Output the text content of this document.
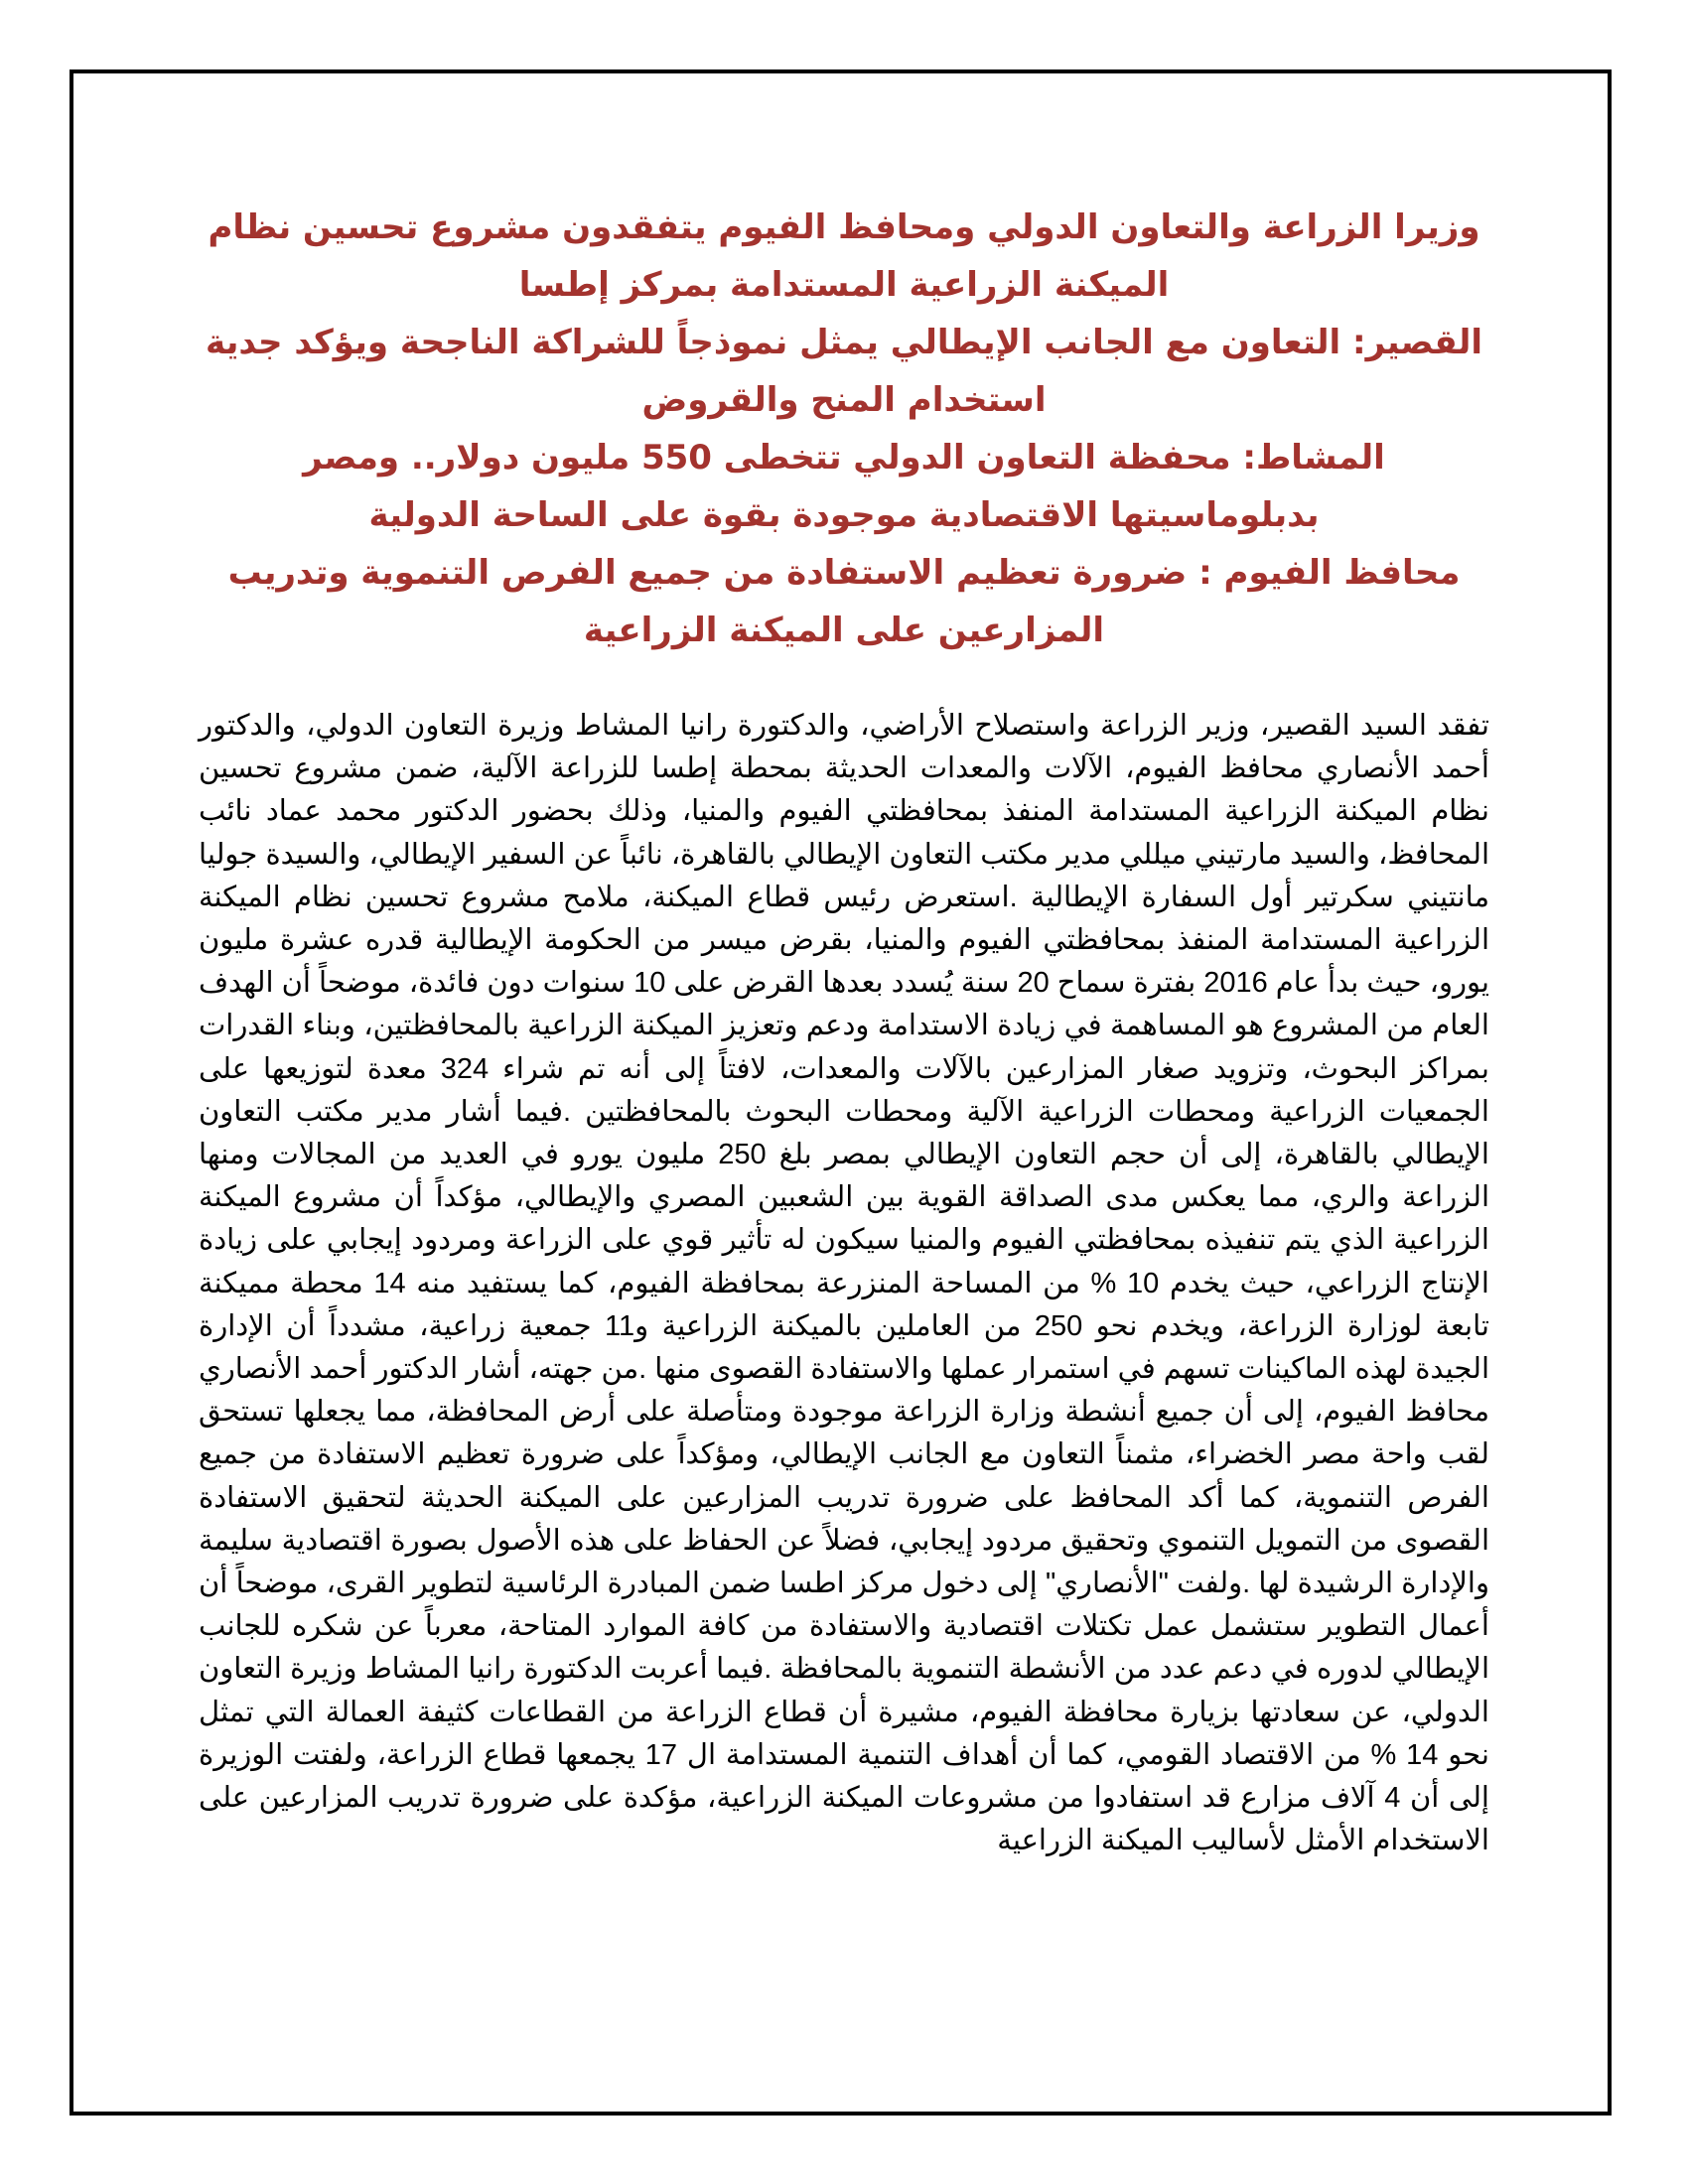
وزيرا الزراعة والتعاون الدولي ومحافظ الفيوم يتفقدون مشروع تحسين نظام الميكنة الزراعية المستدامة بمركز إطسا
القصير: التعاون مع الجانب الإيطالي يمثل نموذجاً للشراكة الناجحة ويؤكد جدية استخدام المنح والقروض
المشاط: محفظة التعاون الدولي تتخطى 550 مليون دولار.. ومصر بدبلوماسيتها الاقتصادية موجودة بقوة على الساحة الدولية
محافظ الفيوم : ضرورة تعظيم الاستفادة من جميع الفرص التنموية وتدريب المزارعين على الميكنة الزراعية

تفقد السيد القصير، وزير الزراعة واستصلاح الأراضي، والدكتورة رانيا المشاط وزيرة التعاون الدولي، والدكتور أحمد الأنصاري محافظ الفيوم، الآلات والمعدات الحديثة بمحطة إطسا للزراعة الآلية، ضمن مشروع تحسين نظام الميكنة الزراعية المستدامة المنفذ بمحافظتي الفيوم والمنيا، وذلك بحضور الدكتور محمد عماد نائب المحافظ، والسيد مارتيني ميللي مدير مكتب التعاون الإيطالي بالقاهرة، نائباً عن السفير الإيطالي، والسيدة جوليا مانتيني سكرتير أول السفارة الإيطالية .استعرض رئيس قطاع الميكنة، ملامح مشروع تحسين نظام الميكنة الزراعية المستدامة المنفذ بمحافظتي الفيوم والمنيا، بقرض ميسر من الحكومة الإيطالية قدره عشرة مليون يورو، حيث بدأ عام 2016 بفترة سماح 20 سنة يُسدد بعدها القرض على 10 سنوات دون فائدة، موضحاً أن الهدف العام من المشروع هو المساهمة في زيادة الاستدامة ودعم وتعزيز الميكنة الزراعية بالمحافظتين، وبناء القدرات بمراكز البحوث، وتزويد صغار المزارعين بالآلات والمعدات، لافتاً إلى أنه تم شراء 324 معدة لتوزيعها على الجمعيات الزراعية ومحطات الزراعية الآلية ومحطات البحوث بالمحافظتين .فيما أشار مدير مكتب التعاون الإيطالي بالقاهرة، إلى أن حجم التعاون الإيطالي بمصر بلغ 250 مليون يورو في العديد من المجالات ومنها الزراعة والري، مما يعكس مدى الصداقة القوية بين الشعبين المصري والإيطالي، مؤكداً أن مشروع الميكنة الزراعية الذي يتم تنفيذه بمحافظتي الفيوم والمنيا سيكون له تأثير قوي على الزراعة ومردود إيجابي على زيادة الإنتاج الزراعي، حيث يخدم 10 % من المساحة المنزرعة بمحافظة الفيوم، كما يستفيد منه 14 محطة مميكنة تابعة لوزارة الزراعة، ويخدم نحو 250 من العاملين بالميكنة الزراعية و11 جمعية زراعية، مشدداً أن الإدارة الجيدة لهذه الماكينات تسهم في استمرار عملها والاستفادة القصوى منها .من جهته، أشار الدكتور أحمد الأنصاري محافظ الفيوم، إلى أن جميع أنشطة وزارة الزراعة موجودة ومتأصلة على أرض المحافظة، مما يجعلها تستحق لقب واحة مصر الخضراء، مثمناً التعاون مع الجانب الإيطالي، ومؤكداً على ضرورة تعظيم الاستفادة من جميع الفرص التنموية، كما أكد المحافظ على ضرورة تدريب المزارعين على الميكنة الحديثة لتحقيق الاستفادة القصوى من التمويل التنموي وتحقيق مردود إيجابي، فضلاً عن الحفاظ على هذه الأصول بصورة اقتصادية سليمة والإدارة الرشيدة لها .ولفت "الأنصاري" إلى دخول مركز اطسا ضمن المبادرة الرئاسية لتطوير القرى، موضحاً أن أعمال التطوير ستشمل عمل تكتلات اقتصادية والاستفادة من كافة الموارد المتاحة، معرباً عن شكره للجانب الإيطالي لدوره في دعم عدد من الأنشطة التنموية بالمحافظة .فيما أعربت الدكتورة رانيا المشاط وزيرة التعاون الدولي، عن سعادتها بزيارة محافظة الفيوم، مشيرة أن قطاع الزراعة من القطاعات كثيفة العمالة التي تمثل نحو 14 % من الاقتصاد القومي، كما أن أهداف التنمية المستدامة ال 17 يجمعها قطاع الزراعة، ولفتت الوزيرة إلى أن 4 آلاف مزارع قد استفادوا من مشروعات الميكنة الزراعية، مؤكدة على ضرورة تدريب المزارعين على الاستخدام الأمثل لأساليب الميكنة الزراعية
